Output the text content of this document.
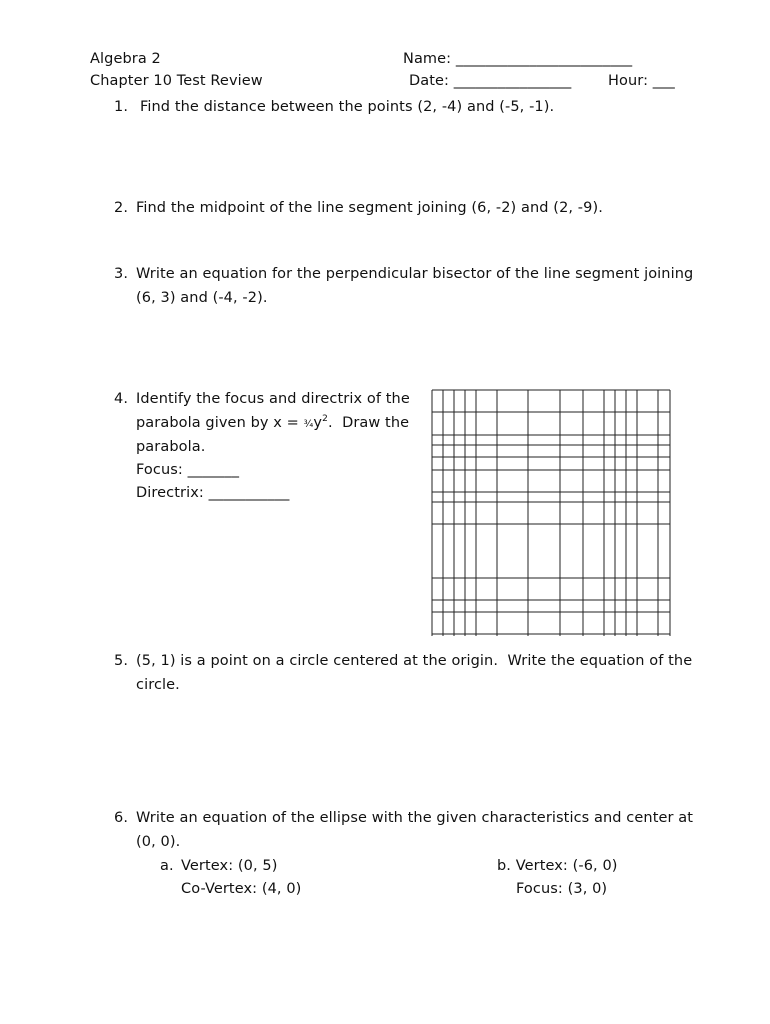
Algebra 2
Chapter 10 Test Review
Name: ________________________
Date: ________________	Hour: ___
1. Find the distance between the points (2, -4) and (-5, -1).
2. Find the midpoint of the line segment joining (6, -2) and (2, -9).
3. Write an equation for the perpendicular bisector of the line segment joining
(6, 3) and (-4, -2).
4. Identify the focus and directrix of the
parabola given by $x = \frac{3}{4}y^2$.  Draw the
parabola.
Focus: _______
Directrix: ___________
5. (5, 1) is a point on a circle centered at the origin.  Write the equation of the
circle.
6. Write an equation of the ellipse with the given characteristics and center at
(0, 0).
a. Vertex: (0, 5)
Co-Vertex: (4, 0)
b. Vertex: (-6, 0)
Focus: (3, 0)
